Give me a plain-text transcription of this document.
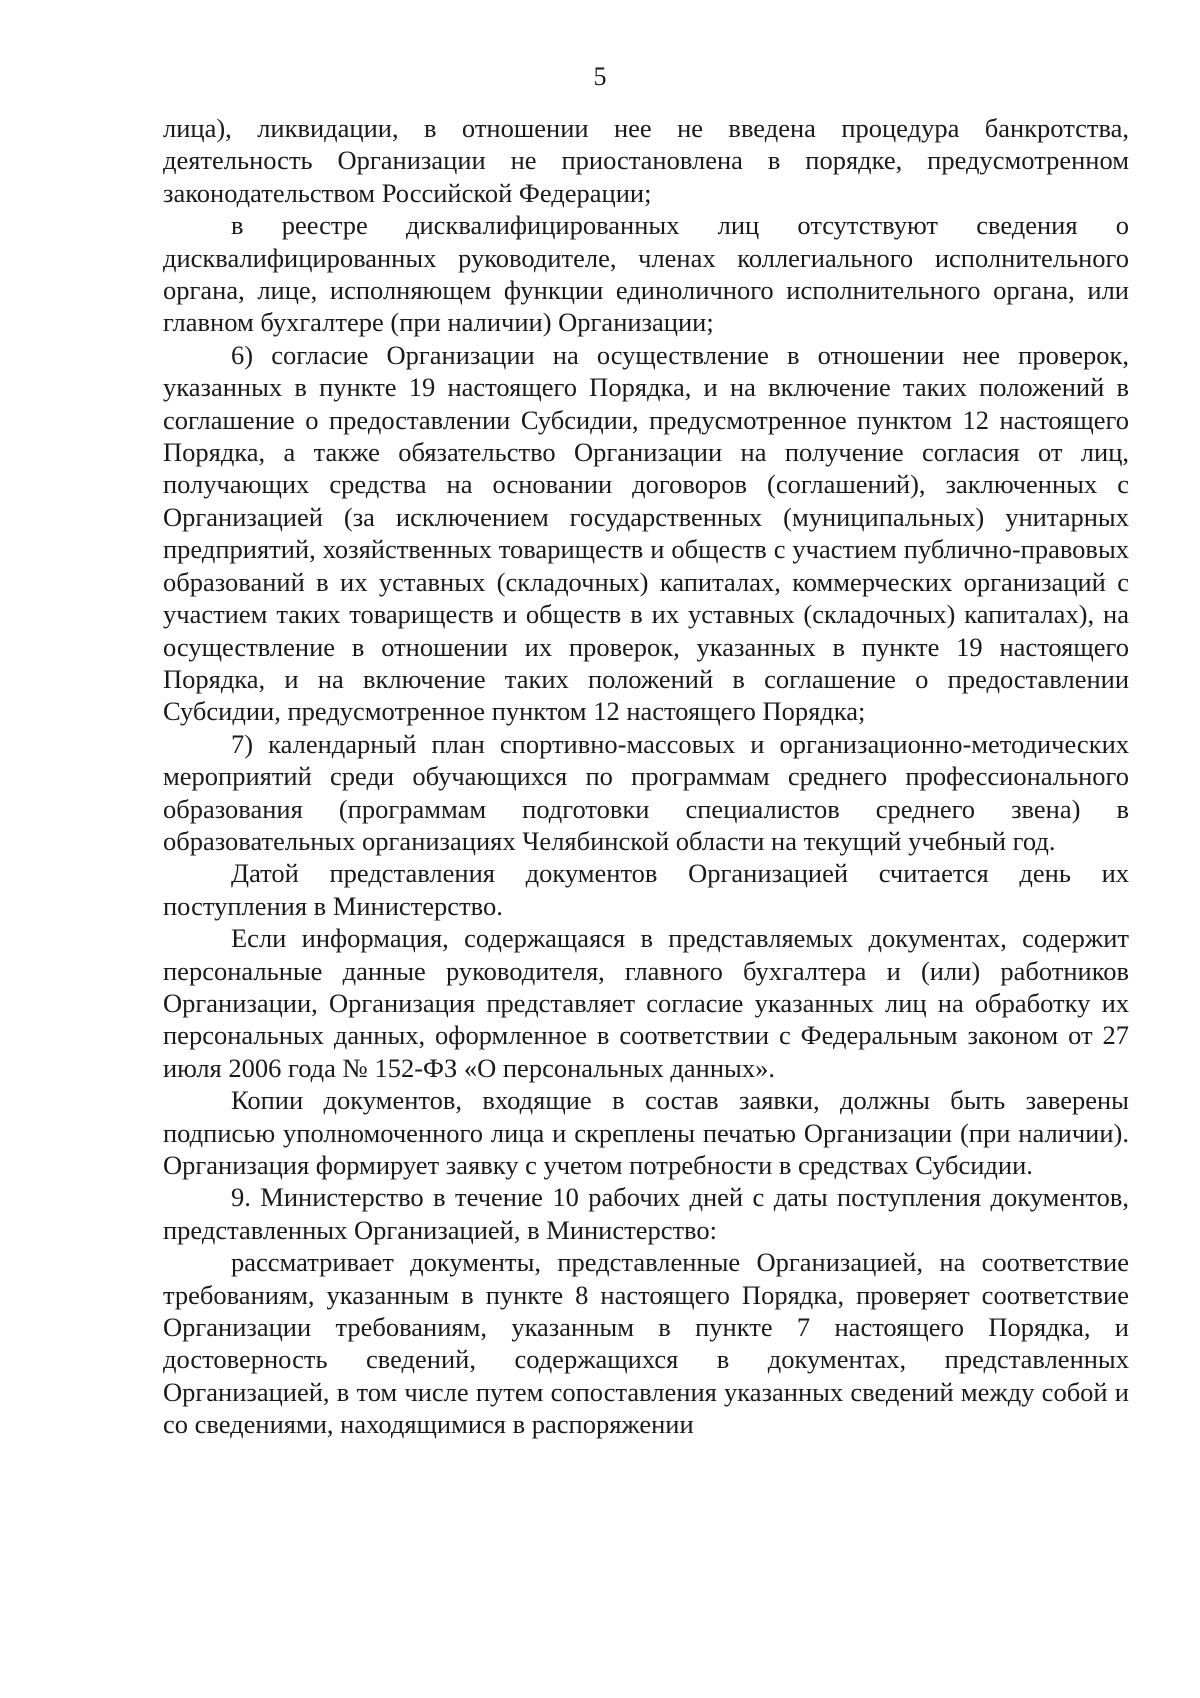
5

лица), ликвидации, в отношении нее не введена процедура банкротства, деятельность Организации не приостановлена в порядке, предусмотренном законодательством Российской Федерации;

в реестре дисквалифицированных лиц отсутствуют сведения о дисквалифицированных руководителе, членах коллегиального исполнительного органа, лице, исполняющем функции единоличного исполнительного органа, или главном бухгалтере (при наличии) Организации;

6) согласие Организации на осуществление в отношении нее проверок, указанных в пункте 19 настоящего Порядка, и на включение таких положений в соглашение о предоставлении Субсидии, предусмотренное пунктом 12 настоящего Порядка, а также обязательство Организации на получение согласия от лиц, получающих средства на основании договоров (соглашений), заключенных с Организацией (за исключением государственных (муниципальных) унитарных предприятий, хозяйственных товариществ и обществ с участием публично-правовых образований в их уставных (складочных) капиталах, коммерческих организаций с участием таких товариществ и обществ в их уставных (складочных) капиталах), на осуществление в отношении их проверок, указанных в пункте 19 настоящего Порядка, и на включение таких положений в соглашение о предоставлении Субсидии, предусмотренное пунктом 12 настоящего Порядка;

7) календарный план спортивно-массовых и организационно-методических мероприятий среди обучающихся по программам среднего профессионального образования (программам подготовки специалистов среднего звена) в образовательных организациях Челябинской области на текущий учебный год.

Датой представления документов Организацией считается день их поступления в Министерство.

Если информация, содержащаяся в представляемых документах, содержит персональные данные руководителя, главного бухгалтера и (или) работников Организации, Организация представляет согласие указанных лиц на обработку их персональных данных, оформленное в соответствии с Федеральным законом от 27 июля 2006 года № 152-ФЗ «О персональных данных».

Копии документов, входящие в состав заявки, должны быть заверены подписью уполномоченного лица и скреплены печатью Организации (при наличии). Организация формирует заявку с учетом потребности в средствах Субсидии.

9. Министерство в течение 10 рабочих дней с даты поступления документов, представленных Организацией, в Министерство:

рассматривает документы, представленные Организацией, на соответствие требованиям, указанным в пункте 8 настоящего Порядка, проверяет соответствие Организации требованиям, указанным в пункте 7 настоящего Порядка, и достоверность сведений, содержащихся в документах, представленных Организацией, в том числе путем сопоставления указанных сведений между собой и со сведениями, находящимися в распоряжении
